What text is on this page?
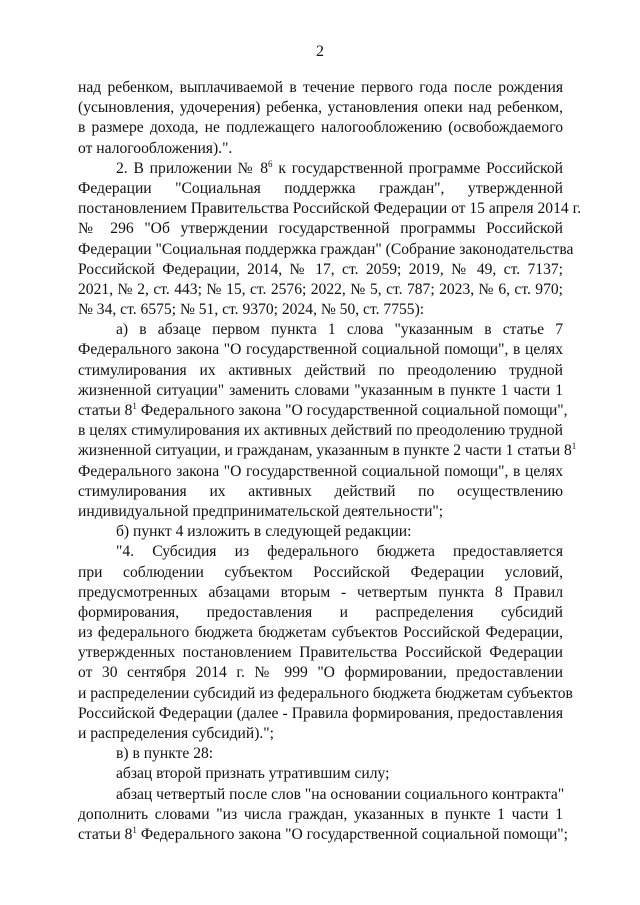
2
над ребенком, выплачиваемой в течение первого года после рождения
(усыновления, удочерения) ребенка, установления опеки над ребенком,
в размере дохода, не подлежащего налогообложению (освобождаемого
от налогообложения).".
2. В приложении № $8^6$ к государственной программе Российской
Федерации "Социальная поддержка граждан", утвержденной
постановлением Правительства Российской Федерации от 15 апреля 2014 г.
№ 296 "Об утверждении государственной программы Российской
Федерации "Социальная поддержка граждан" (Собрание законодательства
Российской Федерации, 2014, № 17, ст. 2059; 2019, № 49, ст. 7137;
2021, № 2, ст. 443; № 15, ст. 2576; 2022, № 5, ст. 787; 2023, № 6, ст. 970;
№ 34, ст. 6575; № 51, ст. 9370; 2024, № 50, ст. 7755):
а) в абзаце первом пункта 1 слова "указанным в статье 7
Федерального закона "О государственной социальной помощи", в целях
стимулирования их активных действий по преодолению трудной
жизненной ситуации" заменить словами "указанным в пункте 1 части 1
статьи $8^1$ Федерального закона "О государственной социальной помощи",
в целях стимулирования их активных действий по преодолению трудной
жизненной ситуации, и гражданам, указанным в пункте 2 части 1 статьи $8^1$
Федерального закона "О государственной социальной помощи", в целях
стимулирования их активных действий по осуществлению
индивидуальной предпринимательской деятельности";
б) пункт 4 изложить в следующей редакции:
"4. Субсидия из федерального бюджета предоставляется
при соблюдении субъектом Российской Федерации условий,
предусмотренных абзацами вторым - четвертым пункта 8 Правил
формирования, предоставления и распределения субсидий
из федерального бюджета бюджетам субъектов Российской Федерации,
утвержденных постановлением Правительства Российской Федерации
от 30 сентября 2014 г. № 999 "О формировании, предоставлении
и распределении субсидий из федерального бюджета бюджетам субъектов
Российской Федерации (далее - Правила формирования, предоставления
и распределения субсидий).";
в) в пункте 28:
абзац второй признать утратившим силу;
абзац четвертый после слов "на основании социального контракта"
дополнить словами "из числа граждан, указанных в пункте 1 части 1
статьи $8^1$ Федерального закона "О государственной социальной помощи";
